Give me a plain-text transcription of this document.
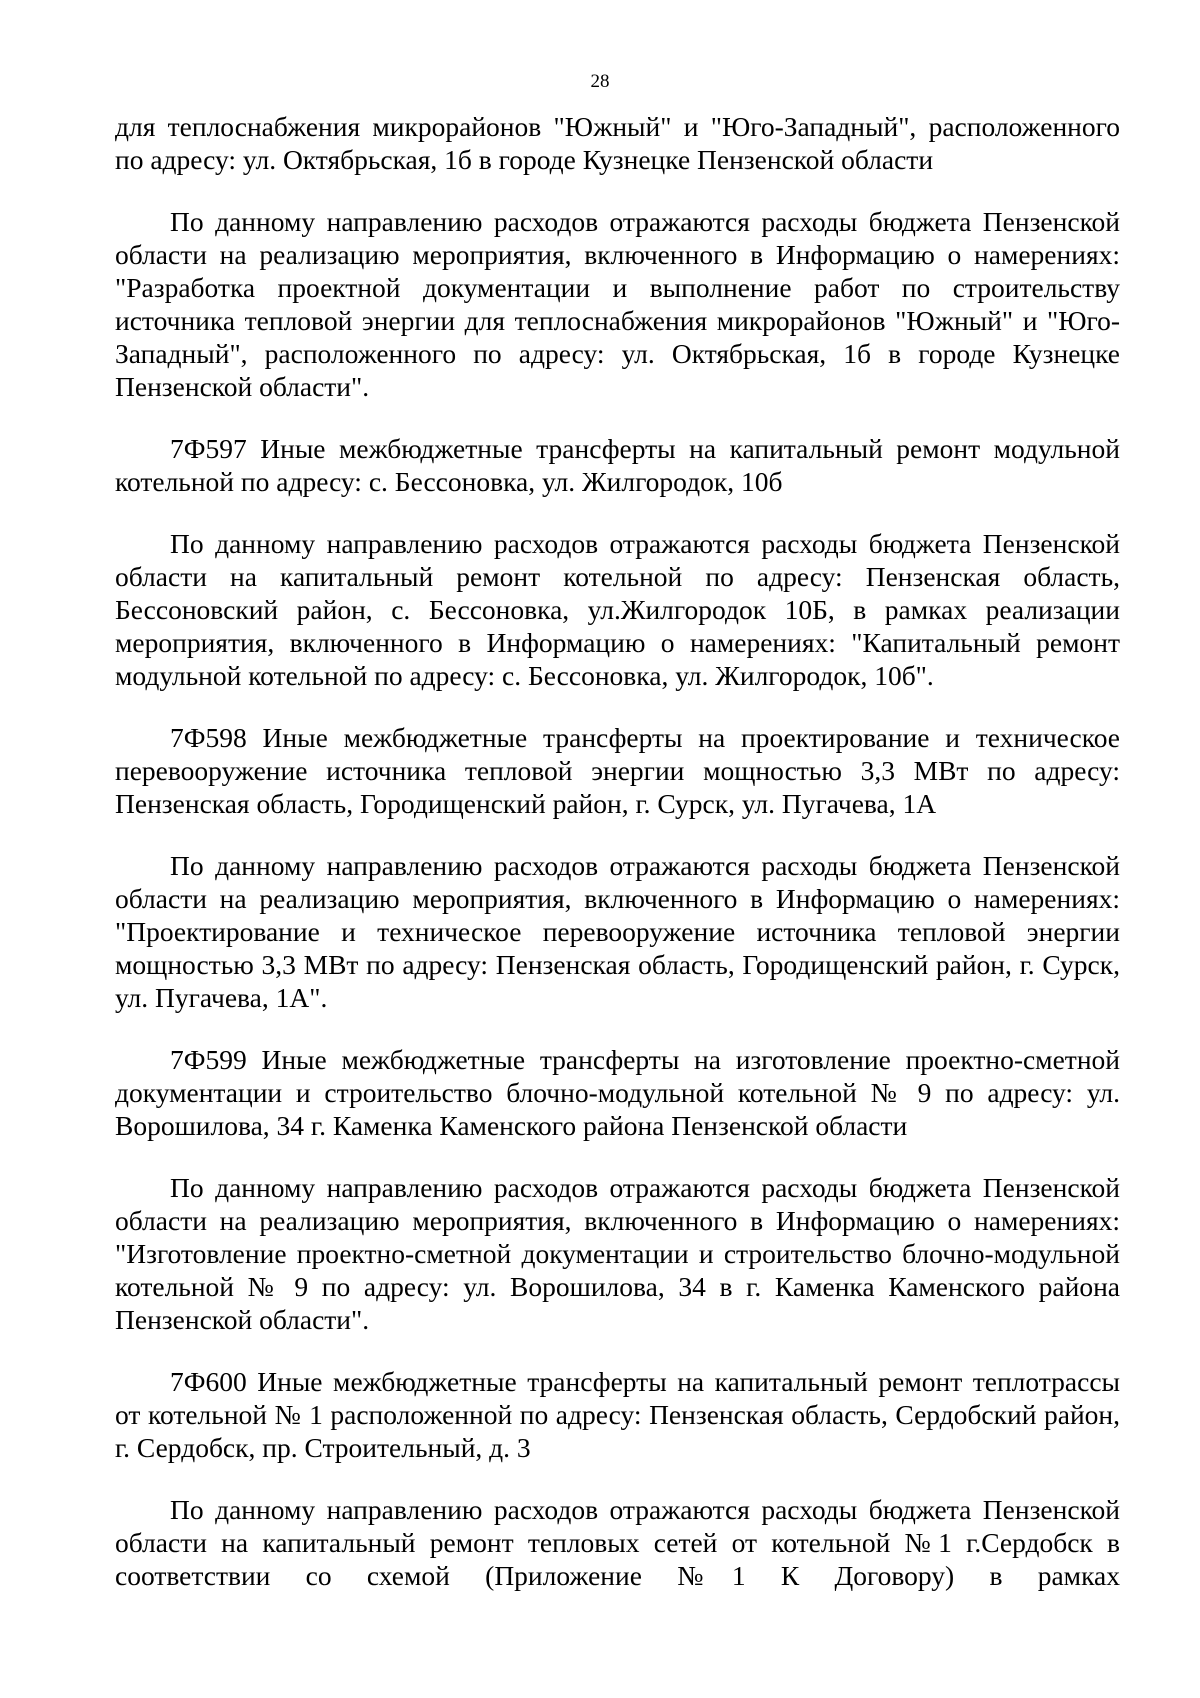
28

для теплоснабжения микрорайонов "Южный" и "Юго-Западный", расположенного по адресу: ул. Октябрьская, 1б в городе Кузнецке Пензенской области

По данному направлению расходов отражаются расходы бюджета Пензенской области на реализацию мероприятия, включенного в Информацию о намерениях: "Разработка проектной документации и выполнение работ по строительству источника тепловой энергии для теплоснабжения микрорайонов "Южный" и "Юго-Западный", расположенного по адресу: ул. Октябрьская, 1б в городе Кузнецке Пензенской области".

7Ф597 Иные межбюджетные трансферты на капитальный ремонт модульной котельной по адресу: с. Бессоновка, ул. Жилгородок, 10б

По данному направлению расходов отражаются расходы бюджета Пензенской области на капитальный ремонт котельной по адресу: Пензенская область, Бессоновский район, с. Бессоновка, ул.Жилгородок 10Б, в рамках реализации мероприятия, включенного в Информацию о намерениях: "Капитальный ремонт модульной котельной по адресу: с. Бессоновка, ул. Жилгородок, 10б".

7Ф598 Иные межбюджетные трансферты на проектирование и техническое перевооружение источника тепловой энергии мощностью 3,3 МВт по адресу: Пензенская область, Городищенский район, г. Сурск, ул. Пугачева, 1А

По данному направлению расходов отражаются расходы бюджета Пензенской области на реализацию мероприятия, включенного в Информацию о намерениях: "Проектирование и техническое перевооружение источника тепловой энергии мощностью 3,3 МВт по адресу: Пензенская область, Городищенский район, г. Сурск, ул. Пугачева, 1А".

7Ф599 Иные межбюджетные трансферты на изготовление проектно-сметной документации и строительство блочно-модульной котельной № 9 по адресу: ул. Ворошилова, 34 г. Каменка Каменского района Пензенской области

По данному направлению расходов отражаются расходы бюджета Пензенской области на реализацию мероприятия, включенного в Информацию о намерениях: "Изготовление проектно-сметной документации и строительство блочно-модульной котельной № 9 по адресу: ул. Ворошилова, 34 в г. Каменка Каменского района Пензенской области".

7Ф600 Иные межбюджетные трансферты на капитальный ремонт теплотрассы от котельной № 1 расположенной по адресу: Пензенская область, Сердобский район, г. Сердобск, пр. Строительный, д. 3

По данному направлению расходов отражаются расходы бюджета Пензенской области на капитальный ремонт тепловых сетей от котельной №1 г.Сердобск в соответствии со схемой (Приложение №1 К Договору) в рамках
